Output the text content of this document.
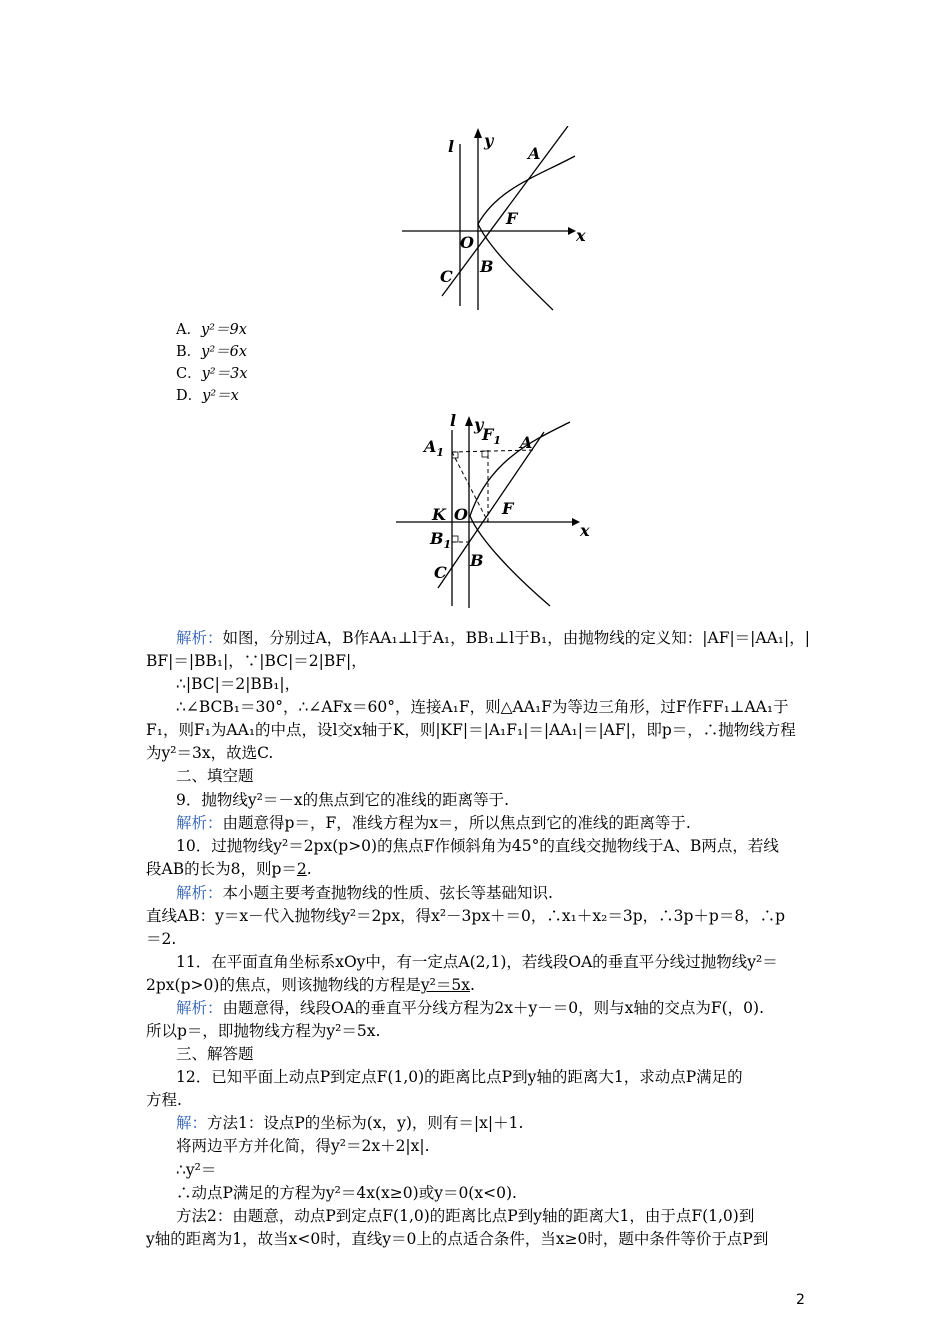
l y
A
F
O	x
C
B
A．y²＝9x
B．y²＝6x
C．y²＝3x
D．y²＝x
l y
$F_1$ A
$A_1$
K O F
x
$B_1$
C
B
解析：如图，分别过A，B作AA₁⊥l于A₁，BB₁⊥l于B₁，由抛物线的定义知：|AF|＝|AA₁|，|
BF|＝|BB₁|，∵|BC|＝2|BF|，
∴|BC|＝2|BB₁|，
∴∠BCB₁＝30°，∴∠AFx＝60°，连接A₁F，则△AA₁F为等边三角形，过F作FF₁⊥AA₁于
F₁，则F₁为AA₁的中点，设l交x轴于K，则|KF|＝|A₁F₁|＝|AA₁|＝|AF|，即p＝，∴抛物线方程
为y²＝3x，故选C.
二、填空题
9．抛物线y²＝－x的焦点到它的准线的距离等于.
解析：由题意得p＝，F，准线方程为x＝，所以焦点到它的准线的距离等于.
10．过抛物线y²＝2px(p>0)的焦点F作倾斜角为45°的直线交抛物线于A、B两点，若线
段AB的长为8，则p＝2.
解析：本小题主要考查抛物线的性质、弦长等基础知识.
直线AB：y＝x－代入抛物线y²＝2px，得x²－3px＋＝0，∴x₁＋x₂＝3p，∴3p＋p＝8，∴p
＝2.
11．在平面直角坐标系xOy中，有一定点A(2,1)，若线段OA的垂直平分线过抛物线y²＝
2px(p>0)的焦点，则该抛物线的方程是y²＝5x.
解析：由题意得，线段OA的垂直平分线方程为2x＋y－＝0，则与x轴的交点为F(，0).
所以p＝，即抛物线方程为y²＝5x.
三、解答题
12．已知平面上动点P到定点F(1,0)的距离比点P到y轴的距离大1，求动点P满足的
方程.
解：方法1：设点P的坐标为(x，y)，则有＝|x|＋1.
将两边平方并化简，得y²＝2x＋2|x|.
∴y²＝
∴动点P满足的方程为y²＝4x(x≥0)或y＝0(x<0).
方法2：由题意，动点P到定点F(1,0)的距离比点P到y轴的距离大1，由于点F(1,0)到
y轴的距离为1，故当x<0时，直线y＝0上的点适合条件，当x≥0时，题中条件等价于点P到
2
